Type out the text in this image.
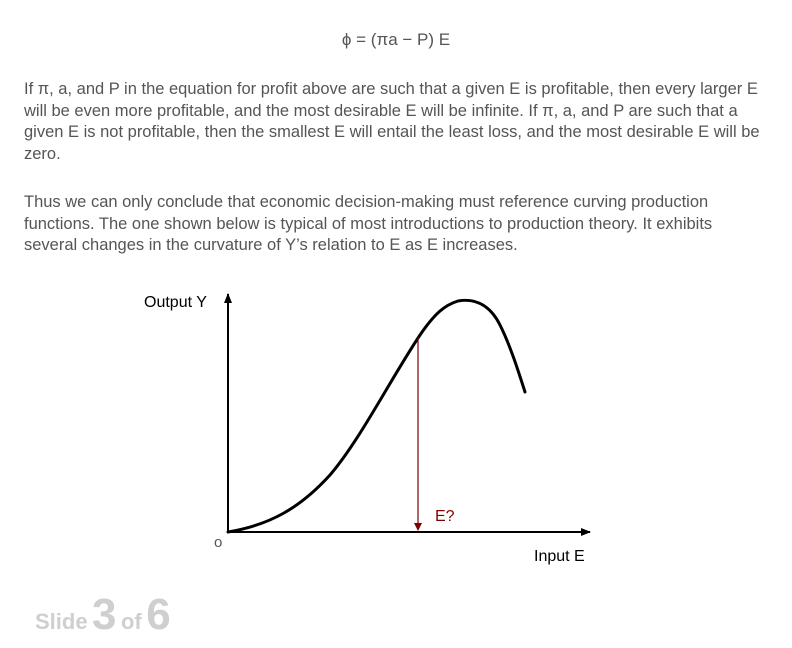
ϕ = (πa − P) E

If π, a, and P in the equation for profit above are such that a given E is profitable, then every larger E will be even more profitable, and the most desirable E will be infinite. If π, a, and P are such that a given E is not profitable, then the smallest E will entail the least loss, and the most desirable E will be zero.

Thus we can only conclude that economic decision-making must reference curving production functions. The one shown below is typical of most introductions to production theory. It exhibits several changes in the curvature of Y’s relation to E as E increases.

Output Y
Input E
o
E?
Slide 3 of 6
